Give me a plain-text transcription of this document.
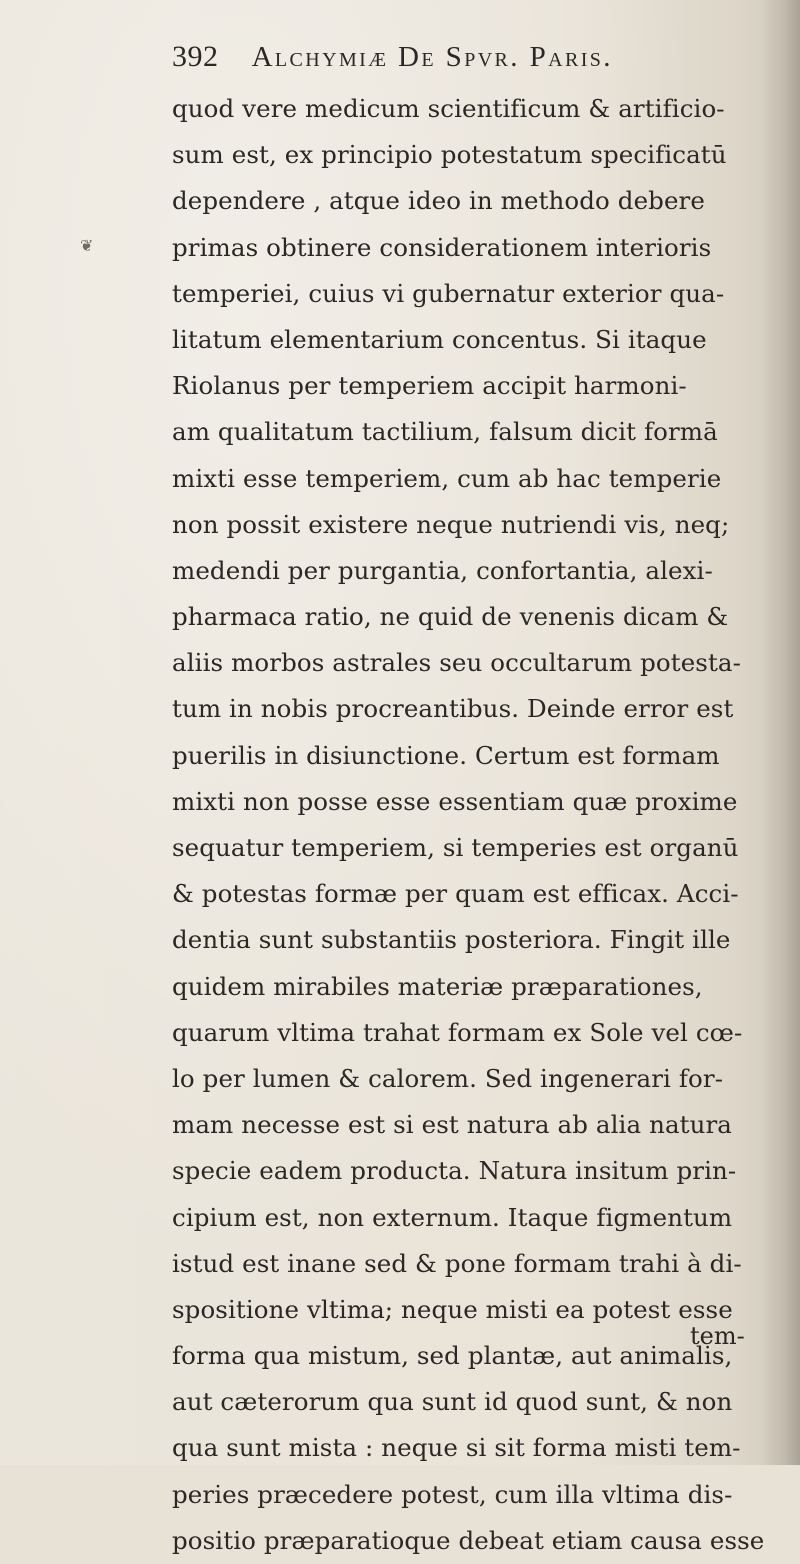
392 Alchymiæ De Spvr. Paris.
❦
quod vere medicum scientificum & artificio-
sum est, ex principio potestatum specificatū
dependere , atque ideo in methodo debere
primas obtinere considerationem interioris
temperiei, cuius vi gubernatur exterior qua-
litatum elementarium concentus. Si itaque
Riolanus per temperiem accipit harmoni-
am qualitatum tactilium, falsum dicit formā
mixti esse temperiem, cum ab hac temperie
non possit existere neque nutriendi vis, neq;
medendi per purgantia, confortantia, alexi-
pharmaca ratio, ne quid de venenis dicam &
aliis morbos astrales seu occultarum potesta-
tum in nobis procreantibus. Deinde error est
puerilis in disiunctione. Certum est formam
mixti non posse esse essentiam quæ proxime
sequatur temperiem, si temperies est organū
& potestas formæ per quam est efficax. Acci-
dentia sunt substantiis posteriora. Fingit ille
quidem mirabiles materiæ præparationes,
quarum vltima trahat formam ex Sole vel cœ-
lo per lumen & calorem. Sed ingenerari for-
mam necesse est si est natura ab alia natura
specie eadem producta. Natura insitum prin-
cipium est, non externum. Itaque figmentum
istud est inane sed & pone formam trahi à di-
spositione vltima; neque misti ea potest esse
forma qua mistum, sed plantæ, aut animalis,
aut cæterorum qua sunt id quod sunt, & non
qua sunt mista : neque si sit forma misti tem-
peries præcedere potest, cum illa vltima dis-
positio præparatioque debeat etiam causa esse
tem-
